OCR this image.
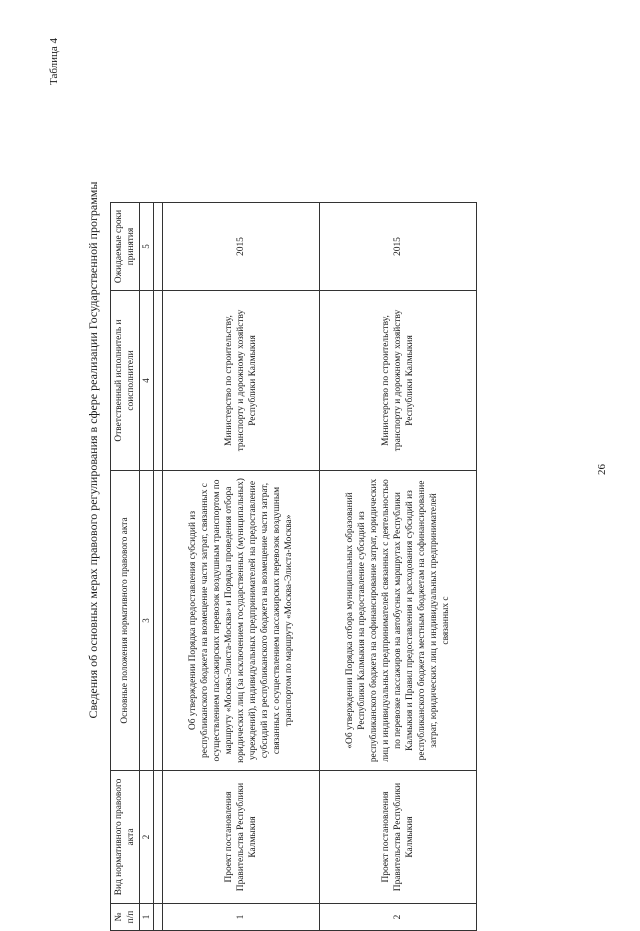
Таблица 4
Сведения об основных мерах правового регулирования в сфере реализации Государственной программы
№ п/п	Вид нормативного правового акта	Основные положения нормативного правового акта	Ответственный исполнитель и соисполнители	Ожидаемые сроки принятия
1	2	3	4	5

1	Проект постановления Правительства Республики Калмыкия	Об утверждении Порядка предоставления субсидий из республиканского бюджета на возмещение части затрат, связанных с осуществлением пассажирских перевозок воздушным транспортом по маршруту «Москва-Элиста-Москва» и Порядка проведения отбора юридических лиц (за исключением государственных (муниципальных) учреждений), индивидуальных предпринимателей на предоставление субсидий из республиканского бюджета на возмещение части затрат, связанных с осуществлением пассажирских перевозок воздушным транспортом по маршруту «Москва-Элиста-Москва»	Министерство по строительству, транспорту и дорожному хозяйству Республики Калмыкия	2015
2	Проект постановления Правительства Республики Калмыкия	«Об утверждении Порядка отбора муниципальных образований Республики Калмыкия на предоставление субсидий из республиканского бюджета на софинансирование затрат, юридических лиц и индивидуальных предпринимателей связанных с деятельностью по перевозке пассажиров на автобусных маршрутах Республики Калмыкия и Правил предоставления и расходования субсидий из республиканского бюджета местным бюджетам на софинансирование затрат, юридических лиц и индивидуальных предпринимателей связанных с	Министерство по строительству, транспорту и дорожному хозяйству Республики Калмыкия	2015
26
